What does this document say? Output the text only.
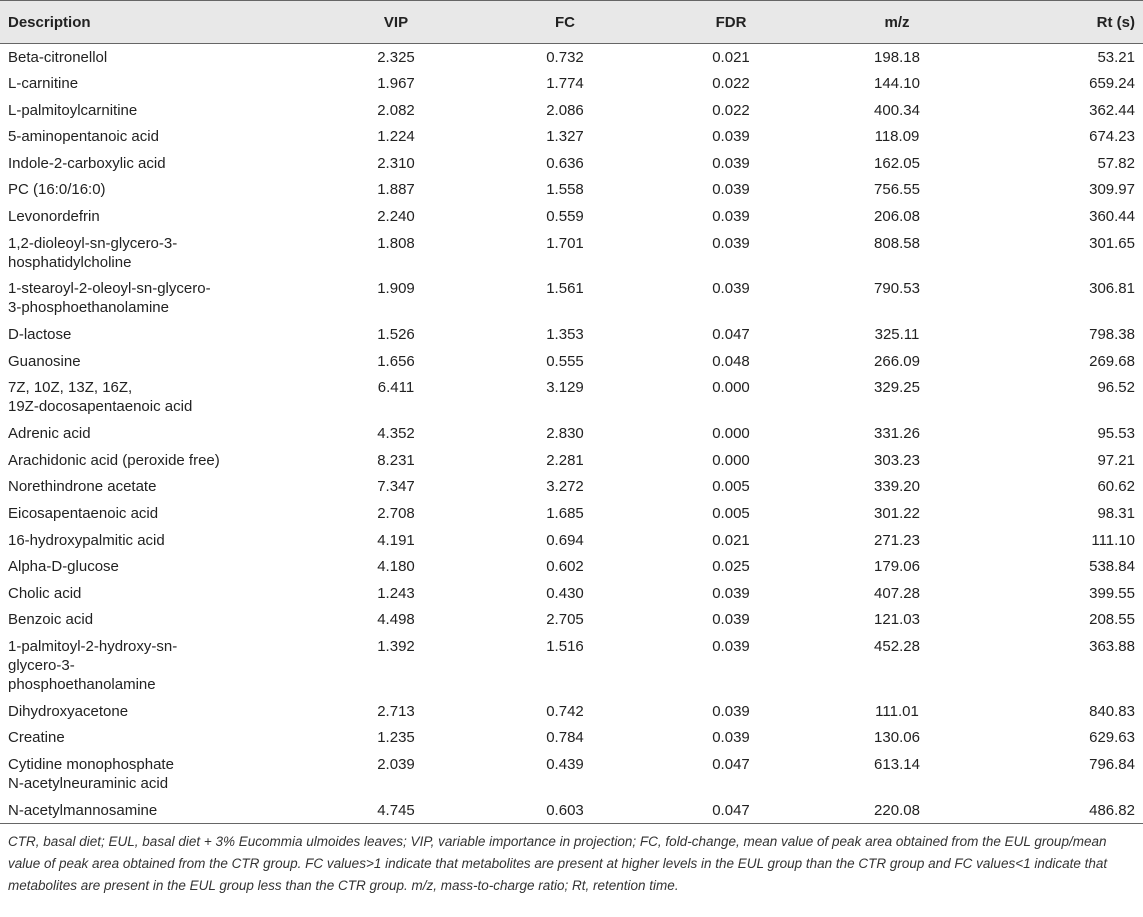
Description	VIP	FC	FDR	m/z	Rt (s)
Beta-citronellol	2.325	0.732	0.021	198.18	53.21
L-carnitine	1.967	1.774	0.022	144.10	659.24
L-palmitoylcarnitine	2.082	2.086	0.022	400.34	362.44
5-aminopentanoic acid	1.224	1.327	0.039	118.09	674.23
Indole-2-carboxylic acid	2.310	0.636	0.039	162.05	57.82
PC (16:0/16:0)	1.887	1.558	0.039	756.55	309.97
Levonordefrin	2.240	0.559	0.039	206.08	360.44
1,2-dioleoyl-sn-glycero-3-
hosphatidylcholine	1.808	1.701	0.039	808.58	301.65
1-stearoyl-2-oleoyl-sn-glycero-
3-phosphoethanolamine	1.909	1.561	0.039	790.53	306.81
D-lactose	1.526	1.353	0.047	325.11	798.38
Guanosine	1.656	0.555	0.048	266.09	269.68
7Z, 10Z, 13Z, 16Z,
19Z-docosapentaenoic acid	6.411	3.129	0.000	329.25	96.52
Adrenic acid	4.352	2.830	0.000	331.26	95.53
Arachidonic acid (peroxide free)	8.231	2.281	0.000	303.23	97.21
Norethindrone acetate	7.347	3.272	0.005	339.20	60.62
Eicosapentaenoic acid	2.708	1.685	0.005	301.22	98.31
16-hydroxypalmitic acid	4.191	0.694	0.021	271.23	111.10
Alpha-D-glucose	4.180	0.602	0.025	179.06	538.84
Cholic acid	1.243	0.430	0.039	407.28	399.55
Benzoic acid	4.498	2.705	0.039	121.03	208.55
1-palmitoyl-2-hydroxy-sn-
glycero-3-
phosphoethanolamine	1.392	1.516	0.039	452.28	363.88
Dihydroxyacetone	2.713	0.742	0.039	111.01	840.83
Creatine	1.235	0.784	0.039	130.06	629.63
Cytidine monophosphate
N-acetylneuraminic acid	2.039	0.439	0.047	613.14	796.84
N-acetylmannosamine	4.745	0.603	0.047	220.08	486.82
CTR, basal diet; EUL, basal diet + 3% Eucommia ulmoides leaves; VIP, variable importance in projection; FC, fold-change, mean value of peak area obtained from the EUL group/mean value of peak area obtained from the CTR group. FC values>1 indicate that metabolites are present at higher levels in the EUL group than the CTR group and FC values<1 indicate that metabolites are present in the EUL group less than the CTR group. m/z, mass-to-charge ratio; Rt, retention time.
